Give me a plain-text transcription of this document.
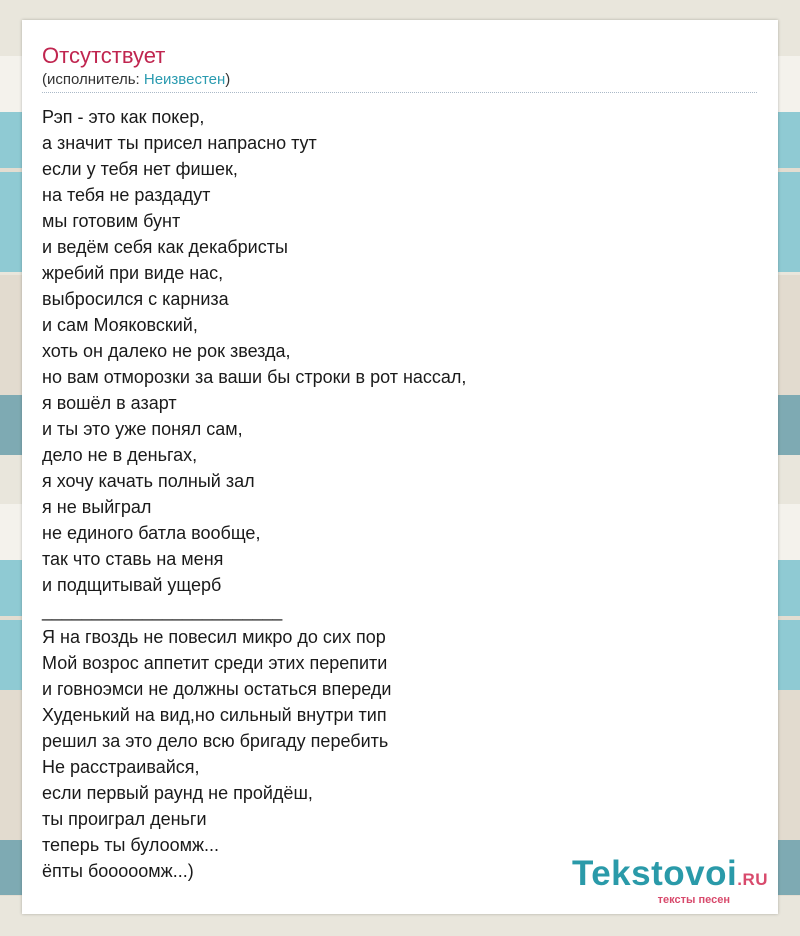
Отсутствует
(исполнитель: Неизвестен)
Рэп - это как покер,
а значит ты присел напрасно тут
если у тебя нет фишек,
на тебя не раздадут
мы готовим бунт
и ведём себя как декабристы
жребий при виде нас,
выбросился с карниза
и сам Мояковский,
хоть он далеко не рок звезда,
но вам отморозки за ваши бы строки в рот нассал,
я вошёл в азарт
и ты это уже понял сам,
дело не в деньгах,
я хочу качать полный зал
я не выйграл
не единого батла вообще,
так что ставь на меня
и подщитывай ущерб
________________________
Я на гвоздь не повесил микро до сих пор
Мой возрос аппетит среди этих перепити
и говноэмси не должны остаться впереди
Худенький на вид,но сильный внутри тип
решил за это дело всю бригаду перебить
Не расстраивайся,
если первый раунд не пройдёш,
ты проиграл деньги
теперь ты булоомж...
ёпты бооооомж...)	Tekstovoi.RU
тексты песен
